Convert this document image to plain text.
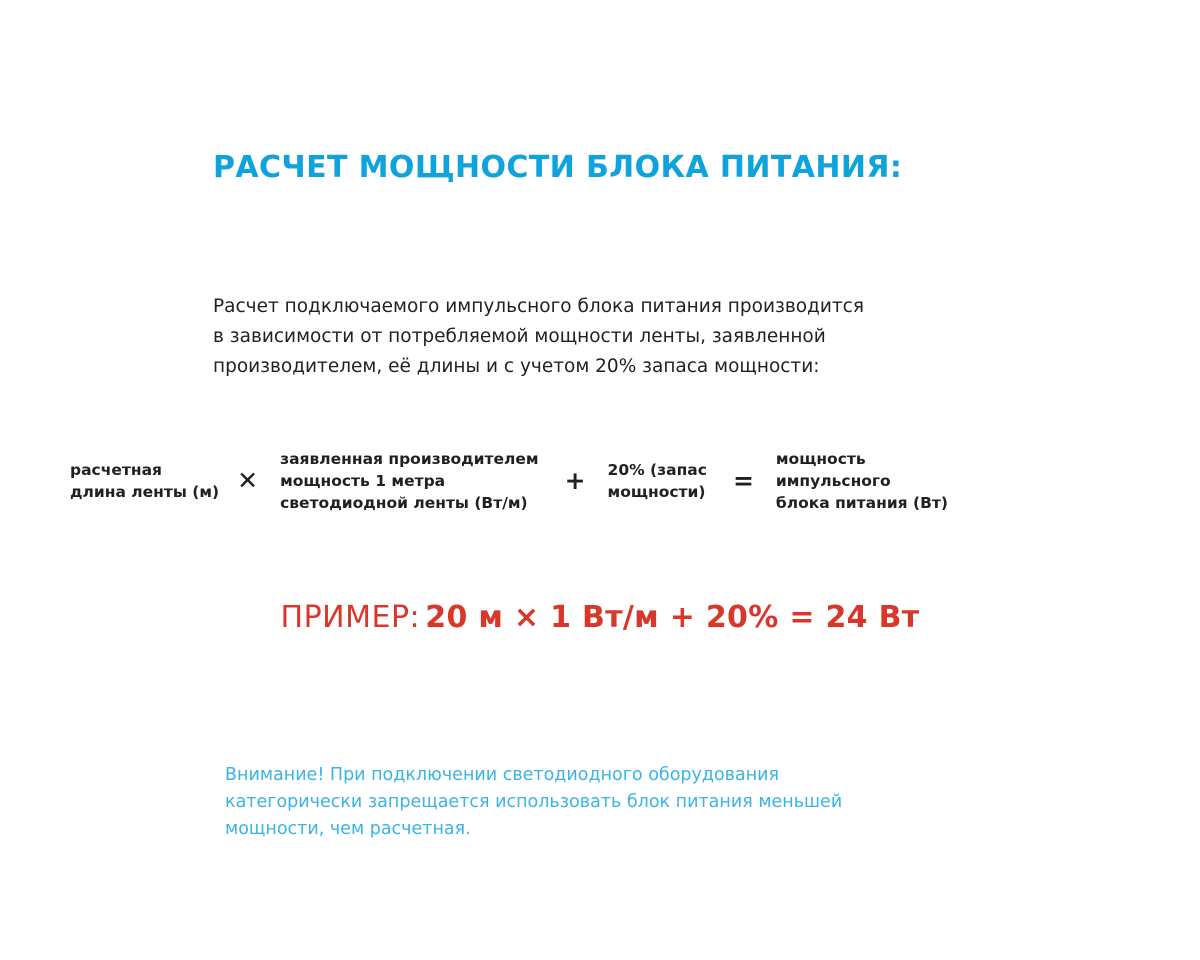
РАСЧЕТ МОЩНОСТИ БЛОКА ПИТАНИЯ:
Расчет подключаемого импульсного блока питания производится
в зависимости от потребляемой мощности ленты, заявленной
производителем, её длины и с учетом 20% запаса мощности:
расчетная
длина ленты (м) ✕
заявленная производителем
мощность 1 метра
светодиодной ленты (Вт/м)
+ 20% (запас
мощности) =
мощность
импульсного
блока питания (Вт)
ПРИМЕР: 20 м × 1 Вт/м + 20% = 24 Вт
Внимание! При подключении светодиодного оборудования
категорически запрещается использовать блок питания меньшей
мощности, чем расчетная.
